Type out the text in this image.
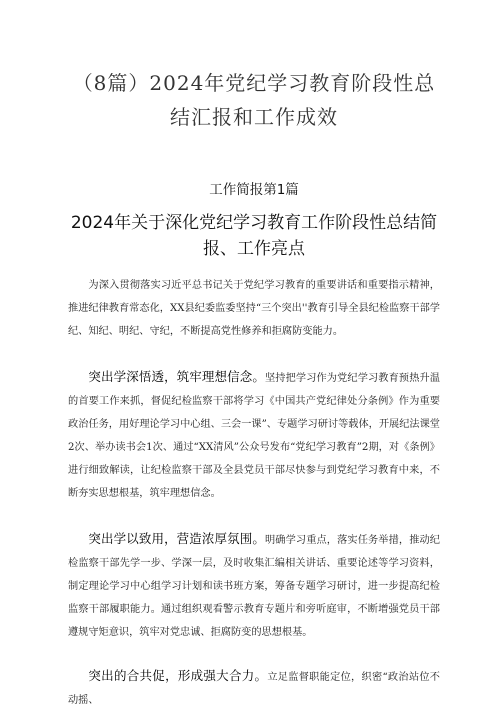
（8篇）2024年党纪学习教育阶段性总结汇报和工作成效
工作简报第1篇
2024年关于深化党纪学习教育工作阶段性总结简报、工作亮点

为深入贯彻落实习近平总书记关于党纪学习教育的重要讲话和重要指示精神，推进纪律教育常态化，XX县纪委监委坚持“三个突出''教育引导全县纪检监察干部学纪、知纪、明纪、守纪，不断提高党性修养和拒腐防变能力。

突出学深悟透，筑牢理想信念。坚持把学习作为党纪学习教育预热升温的首要工作来抓，督促纪检监察干部将学习《中国共产党纪律处分条例》作为重要政治任务，用好理论学习中心组、三会一课”、专题学习研讨等载体，开展纪法课堂2次、举办读书会1次、通过“XX清风”公众号发布“党纪学习教育”2期，对《条例》进行细致解读，让纪检监察干部及全县党员干部尽快参与到党纪学习教育中来，不断夯实思想根基，筑牢理想信念。

突出学以致用，营造浓厚氛围。明确学习重点，落实任务举措，推动纪检监察干部先学一步、学深一层，及时收集汇编相关讲话、重要论述等学习资料，制定理论学习中心组学习计划和读书班方案，筹备专题学习研讨，进一步提高纪检监察干部履职能力。通过组织观看警示教育专题片和旁听庭审，不断增强党员干部遵规守矩意识，筑牢对党忠诚、拒腐防变的思想根基。

突出的合共促，形成强大合力。立足监督职能定位，织密“政治站位不动摇、
